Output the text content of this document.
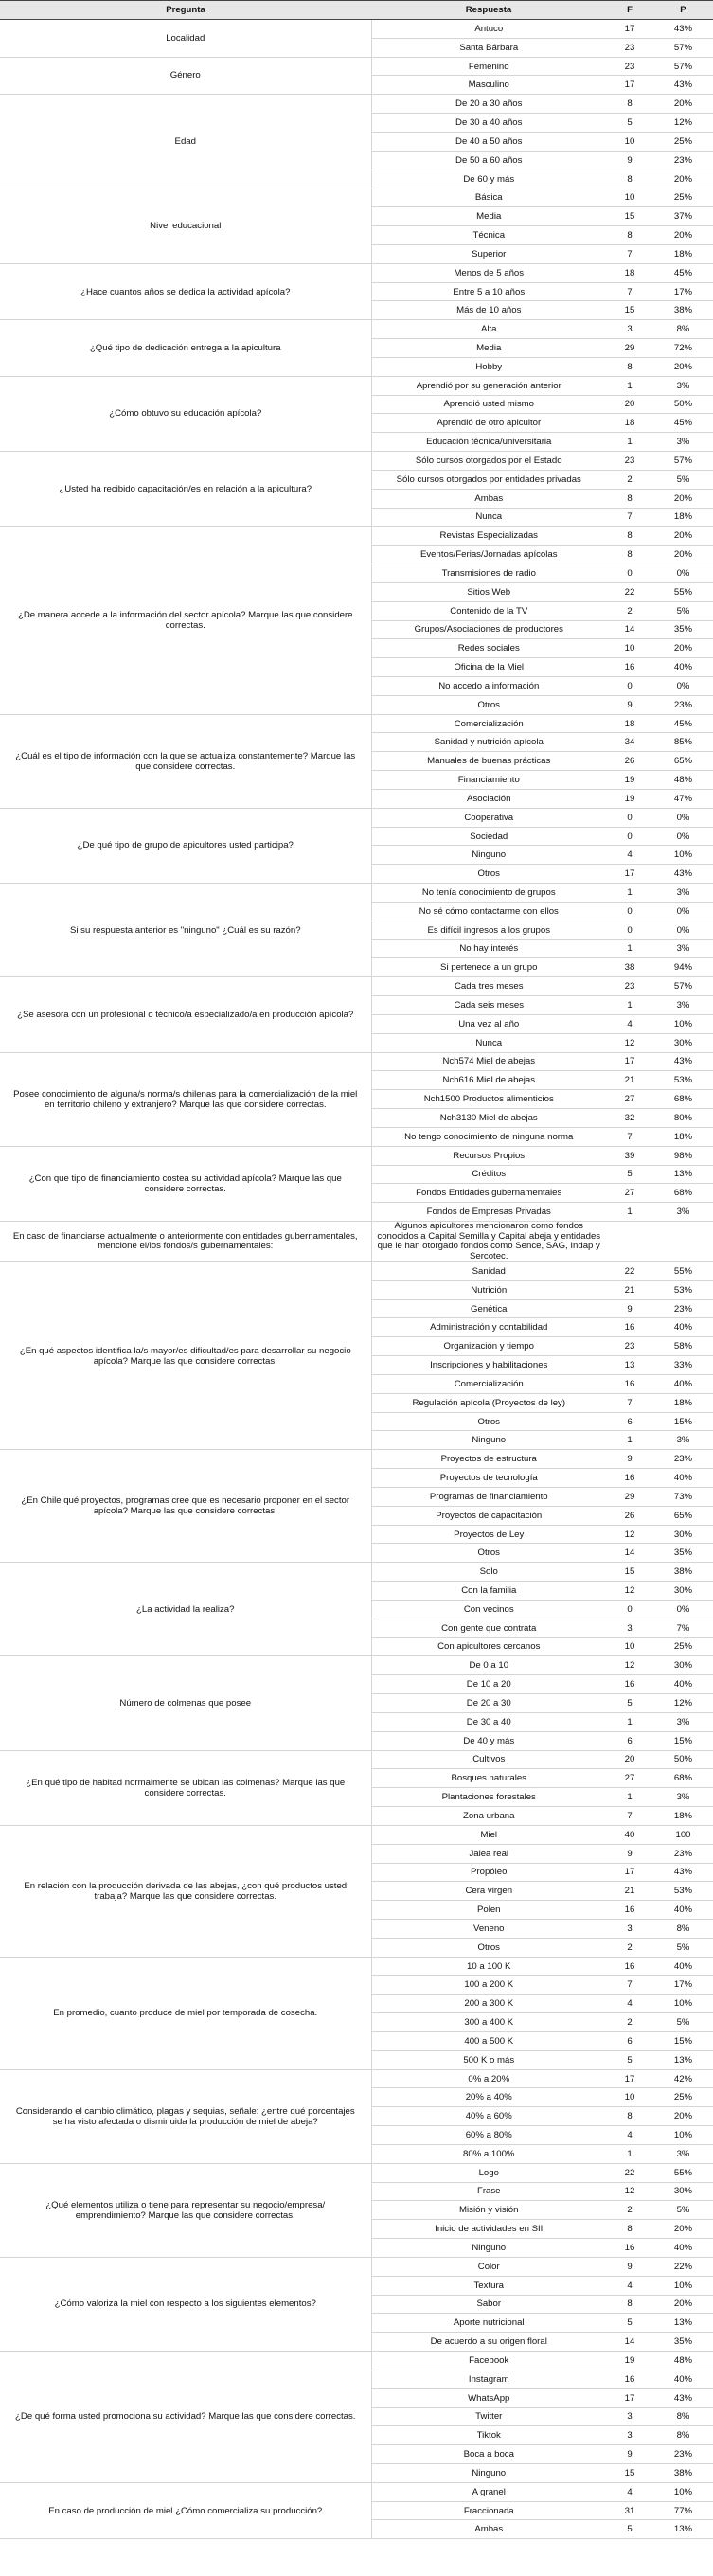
Pregunta	Respuesta	F	P
Localidad	Antuco	17	43%
	Santa Bárbara	23	57%
Género	Femenino	23	57%
	Masculino	17	43%
Edad	De 20 a 30 años	8	20%
	De 30 a 40 años	5	12%
	De 40 a 50 años	10	25%
	De 50 a 60 años	9	23%
	De 60 y más	8	20%
Nivel educacional	Básica	10	25%
	Media	15	37%
	Técnica	8	20%
	Superior	7	18%
¿Hace cuantos años se dedica la actividad apícola?	Menos de 5 años	18	45%
	Entre 5 a 10 años	7	17%
	Más de 10 años	15	38%
¿Qué tipo de dedicación entrega a la apicultura	Alta	3	8%
	Media	29	72%
	Hobby	8	20%
¿Cómo obtuvo su educación apícola?	Aprendió por su generación anterior	1	3%
	Aprendió usted mismo	20	50%
	Aprendió de otro apicultor	18	45%
	Educación técnica/universitaria	1	3%
¿Usted ha recibido capacitación/es en relación a la apicultura?	Sólo cursos otorgados por el Estado	23	57%
	Sólo cursos otorgados por entidades privadas	2	5%
	Ambas	8	20%
	Nunca	7	18%
¿De manera accede a la información del sector apícola? Marque las que considere correctas.	Revistas Especializadas	8	20%
	Eventos/Ferias/Jornadas apícolas	8	20%
	Transmisiones de radio	0	0%
	Sitios Web	22	55%
	Contenido de la TV	2	5%
	Grupos/Asociaciones de productores	14	35%
	Redes sociales	10	20%
	Oficina de la Miel	16	40%
	No accedo a información	0	0%
	Otros	9	23%
¿Cuál es el tipo de información con la que se actualiza constantemente? Marque las que considere correctas.	Comercialización	18	45%
	Sanidad y nutrición apícola	34	85%
	Manuales de buenas prácticas	26	65%
	Financiamiento	19	48%
	Asociación	19	47%
¿De qué tipo de grupo de apicultores usted participa?	Cooperativa	0	0%
	Sociedad	0	0%
	Ninguno	4	10%
	Otros	17	43%
Si su respuesta anterior es "ninguno" ¿Cuál es su razón?	No tenía conocimiento de grupos	1	3%
	No sé cómo contactarme con ellos	0	0%
	Es difícil ingresos a los grupos	0	0%
	No hay interés	1	3%
	Si pertenece a un grupo	38	94%
¿Se asesora con un profesional o técnico/a especializado/a en producción apícola?	Cada tres meses	23	57%
	Cada seis meses	1	3%
	Una vez al año	4	10%
	Nunca	12	30%
Posee conocimiento de alguna/s norma/s chilenas para la comercialización de la miel en territorio chileno y extranjero? Marque las que considere correctas.	Nch574 Miel de abejas	17	43%
	Nch616 Miel de abejas	21	53%
	Nch1500 Productos alimenticios	27	68%
	Nch3130 Miel de abejas	32	80%
	No tengo conocimiento de ninguna norma	7	18%
¿Con que tipo de financiamiento costea su actividad apícola? Marque las que considere correctas.	Recursos Propios	39	98%
	Créditos	5	13%
	Fondos Entidades gubernamentales	27	68%
	Fondos de Empresas Privadas	1	3%
En caso de financiarse actualmente o anteriormente con entidades gubernamentales, mencione el/los fondos/s gubernamentales:	Algunos apicultores mencionaron como fondos conocidos a Capital Semilla y Capital abeja y entidades que le han otorgado fondos como Sence, SAG, Indap y Sercotec.		
¿En qué aspectos identifica la/s mayor/es dificultad/es para desarrollar su negocio apícola? Marque las que considere correctas.	Sanidad	22	55%
	Nutrición	21	53%
	Genética	9	23%
	Administración y contabilidad	16	40%
	Organización y tiempo	23	58%
	Inscripciones y habilitaciones	13	33%
	Comercialización	16	40%
	Regulación apícola (Proyectos de ley)	7	18%
	Otros	6	15%
	Ninguno	1	3%
¿En Chile qué proyectos, programas cree que es necesario proponer en el sector apícola? Marque las que considere correctas.	Proyectos de estructura	9	23%
	Proyectos de tecnología	16	40%
	Programas de financiamiento	29	73%
	Proyectos de capacitación	26	65%
	Proyectos de Ley	12	30%
	Otros	14	35%
¿La actividad la realiza?	Solo	15	38%
	Con la familia	12	30%
	Con vecinos	0	0%
	Con gente que contrata	3	7%
	Con apicultores cercanos	10	25%
Número de colmenas que posee	De 0 a 10	12	30%
	De 10 a 20	16	40%
	De 20 a 30	5	12%
	De 30 a 40	1	3%
	De 40 y más	6	15%
¿En qué tipo de habitad normalmente se ubican las colmenas? Marque las que considere correctas.	Cultivos	20	50%
	Bosques naturales	27	68%
	Plantaciones forestales	1	3%
	Zona urbana	7	18%
En relación con la producción derivada de las abejas, ¿con qué productos usted trabaja? Marque las que considere correctas.	Miel	40	100
	Jalea real	9	23%
	Propóleo	17	43%
	Cera virgen	21	53%
	Polen	16	40%
	Veneno	3	8%
	Otros	2	5%
En promedio, cuanto produce de miel por temporada de cosecha.	10 a 100 K	16	40%
	100 a 200 K	7	17%
	200 a 300 K	4	10%
	300 a 400 K	2	5%
	400 a 500 K	6	15%
	500 K o más	5	13%
Considerando el cambio climático, plagas y sequias, señale: ¿entre qué porcentajes se ha visto afectada o disminuida la producción de miel de abeja?	0% a 20%	17	42%
	20% a 40%	10	25%
	40% a 60%	8	20%
	60% a 80%	4	10%
	80% a 100%	1	3%
¿Qué elementos utiliza o tiene para representar su negocio/empresa/ emprendimiento? Marque las que considere correctas.	Logo	22	55%
	Frase	12	30%
	Misión y visión	2	5%
	Inicio de actividades en SII	8	20%
	Ninguno	16	40%
¿Cómo valoriza la miel con respecto a los siguientes elementos?	Color	9	22%
	Textura	4	10%
	Sabor	8	20%
	Aporte nutricional	5	13%
	De acuerdo a su origen floral	14	35%
¿De qué forma usted promociona su actividad? Marque las que considere correctas.	Facebook	19	48%
	Instagram	16	40%
	WhatsApp	17	43%
	Twitter	3	8%
	Tiktok	3	8%
	Boca a boca	9	23%
	Ninguno	15	38%
En caso de producción de miel ¿Cómo comercializa su producción?	A granel	4	10%
	Fraccionada	31	77%
	Ambas	5	13%
